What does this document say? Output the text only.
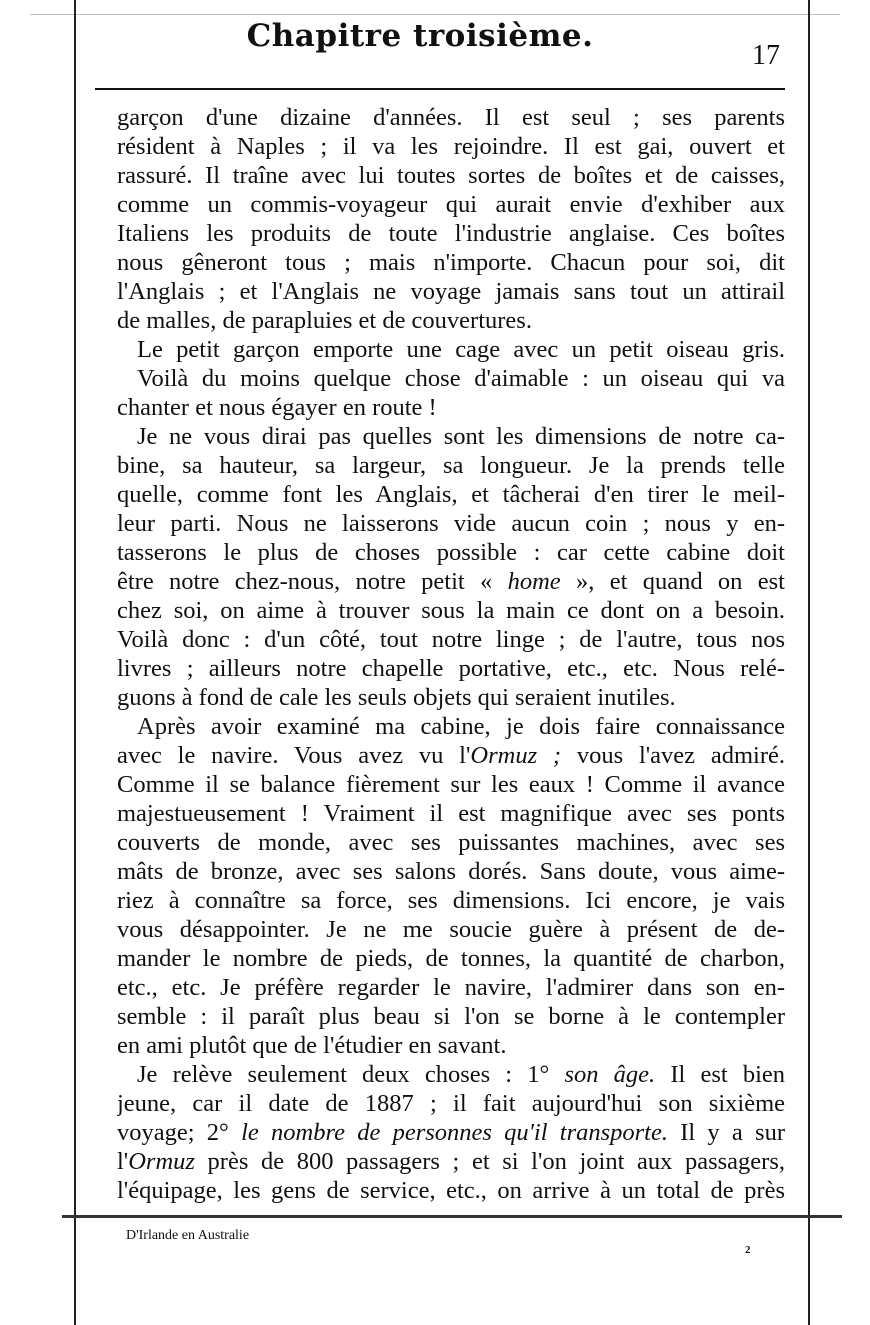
Chapitre troisième.
17
garçon d'une dizaine d'années. Il est seul ; ses parents
résident à Naples ; il va les rejoindre. Il est gai, ouvert et
rassuré. Il traîne avec lui toutes sortes de boîtes et de caisses,
comme un commis-voyageur qui aurait envie d'exhiber aux
Italiens les produits de toute l'industrie anglaise. Ces boîtes
nous gêneront tous ; mais n'importe. Chacun pour soi, dit
l'Anglais ; et l'Anglais ne voyage jamais sans tout un attirail
de malles, de parapluies et de couvertures.
Le petit garçon emporte une cage avec un petit oiseau gris.
Voilà du moins quelque chose d'aimable : un oiseau qui va
chanter et nous égayer en route !
Je ne vous dirai pas quelles sont les dimensions de notre ca-
bine, sa hauteur, sa largeur, sa longueur. Je la prends telle
quelle, comme font les Anglais, et tâcherai d'en tirer le meil-
leur parti. Nous ne laisserons vide aucun coin ; nous y en-
tasserons le plus de choses possible : car cette cabine doit
être notre chez-nous, notre petit « home », et quand on est
chez soi, on aime à trouver sous la main ce dont on a besoin.
Voilà donc : d'un côté, tout notre linge ; de l'autre, tous nos
livres ; ailleurs notre chapelle portative, etc., etc. Nous relé-
guons à fond de cale les seuls objets qui seraient inutiles.
Après avoir examiné ma cabine, je dois faire connaissance
avec le navire. Vous avez vu l'Ormuz ; vous l'avez admiré.
Comme il se balance fièrement sur les eaux ! Comme il avance
majestueusement ! Vraiment il est magnifique avec ses ponts
couverts de monde, avec ses puissantes machines, avec ses
mâts de bronze, avec ses salons dorés. Sans doute, vous aime-
riez à connaître sa force, ses dimensions. Ici encore, je vais
vous désappointer. Je ne me soucie guère à présent de de-
mander le nombre de pieds, de tonnes, la quantité de charbon,
etc., etc. Je préfère regarder le navire, l'admirer dans son en-
semble : il paraît plus beau si l'on se borne à le contempler
en ami plutôt que de l'étudier en savant.
Je relève seulement deux choses : 1° son âge. Il est bien
jeune, car il date de 1887 ; il fait aujourd'hui son sixième
voyage; 2° le nombre de personnes qu'il transporte. Il y a sur
l'Ormuz près de 800 passagers ; et si l'on joint aux passagers,
l'équipage, les gens de service, etc., on arrive à un total de près
D'Irlande en Australie
2
